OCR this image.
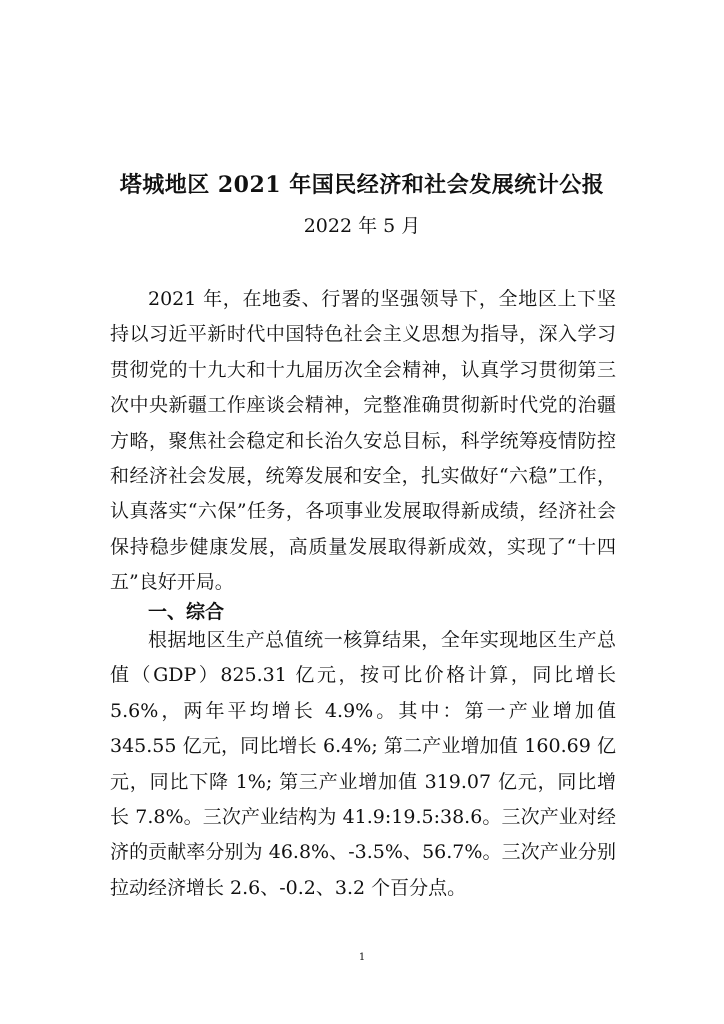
塔城地区 2021 年国民经济和社会发展统计公报
2022 年 5 月

2021 年，在地委、行署的坚强领导下，全地区上下坚持以习近平新时代中国特色社会主义思想为指导，深入学习贯彻党的十九大和十九届历次全会精神，认真学习贯彻第三次中央新疆工作座谈会精神，完整准确贯彻新时代党的治疆方略，聚焦社会稳定和长治久安总目标，科学统筹疫情防控和经济社会发展，统筹发展和安全，扎实做好“六稳”工作，认真落实“六保”任务，各项事业发展取得新成绩，经济社会保持稳步健康发展，高质量发展取得新成效，实现了“十四五”良好开局。

一、综合

根据地区生产总值统一核算结果，全年实现地区生产总值（GDP）825.31 亿元，按可比价格计算，同比增长 5.6%，两年平均增长 4.9%。其中：第一产业增加值 345.55 亿元，同比增长 6.4%; 第二产业增加值 160.69 亿元，同比下降 1%; 第三产业增加值 319.07 亿元，同比增长 7.8%。三次产业结构为 41.9:19.5:38.6。三次产业对经济的贡献率分别为 46.8%、-3.5%、56.7%。三次产业分别拉动经济增长 2.6、-0.2、3.2 个百分点。

1
